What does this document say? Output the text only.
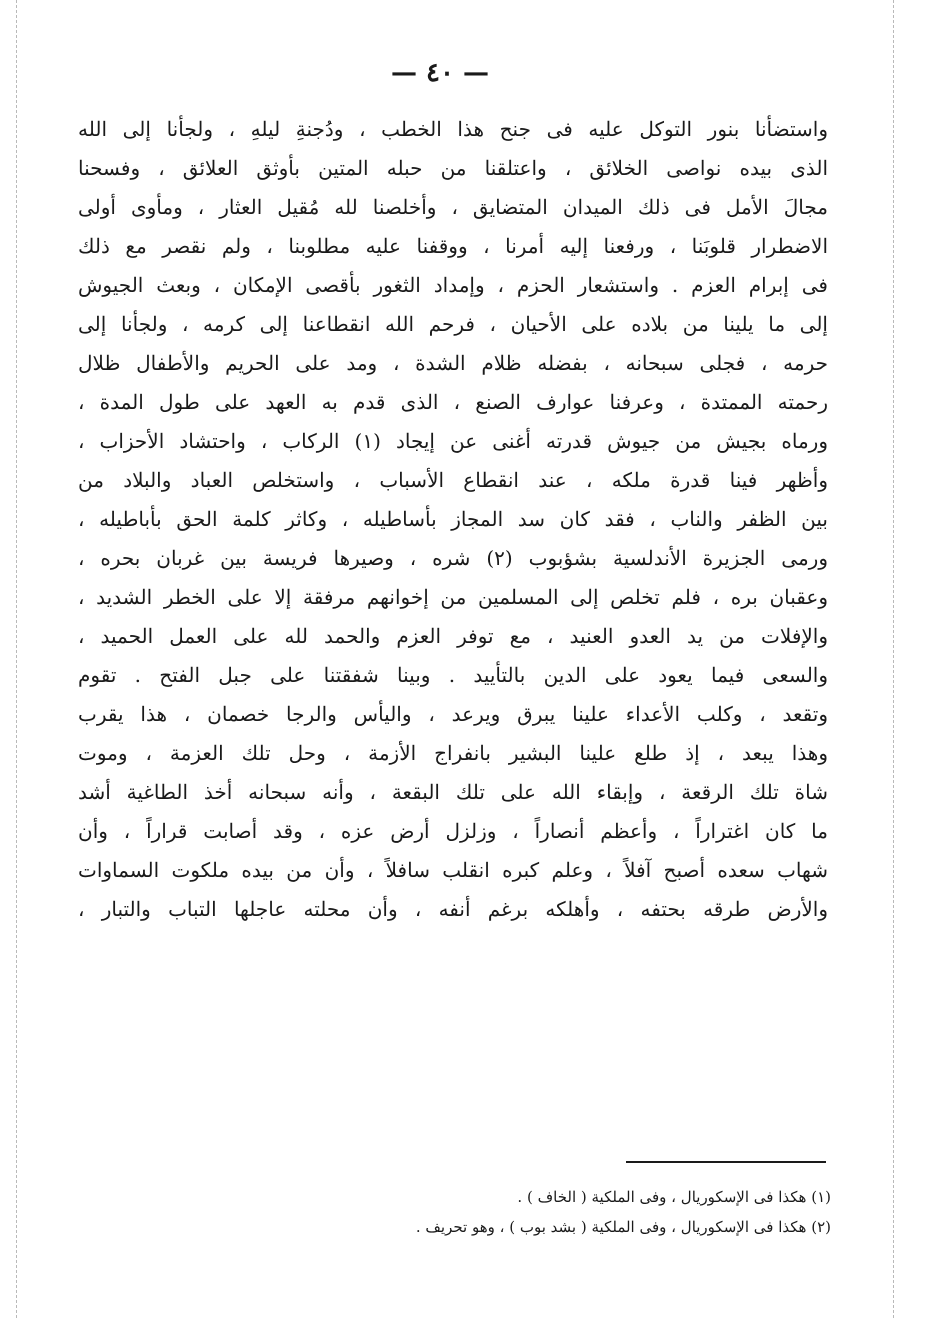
— ٤٠ —
واستضأنا بنور التوكل عليه فى جنح هذا الخطب ، ودُجنةِ ليلهِ ، ولجأنا إلى الله
الذى بيده نواصى الخلائق ، واعتلقنا من حبله المتين بأوثق العلائق ، وفسحنا
مجالَ الأمل فى ذلك الميدان المتضايق ، وأخلصنا لله مُقيل العثار ، ومأوى أولى
الاضطرار قلوبَنا ، ورفعنا إليه أمرنا ، ووقفنا عليه مطلوبنا ، ولم نقصر مع ذلك
فى إبرام العزم . واستشعار الحزم ، وإمداد الثغور بأقصى الإمكان ، وبعث الجيوش
إلى ما يلينا من بلاده على الأحيان ، فرحم الله انقطاعنا إلى كرمه ، ولجأنا إلى
حرمه ، فجلى سبحانه ، بفضله ظلام الشدة ، ومد على الحريم والأطفال ظلال
رحمته الممتدة ، وعرفنا عوارف الصنع ، الذى قدم به العهد على طول المدة ،
ورماه بجيش من جيوش قدرته أغنى عن إيجاد (١) الركاب ، واحتشاد الأحزاب ،
وأظهر فينا قدرة ملكه ، عند انقطاع الأسباب ، واستخلص العباد والبلاد من
بين الظفر والناب ، فقد كان سد المجاز بأساطيله ، وكاثر كلمة الحق بأباطيله ،
ورمى الجزيرة الأندلسية بشؤبوب (٢) شره ، وصيرها فريسة بين غربان بحره ،
وعقبان بره ، فلم تخلص إلى المسلمين من إخوانهم مرفقة إلا على الخطر الشديد ،
والإفلات من يد العدو العنيد ، مع توفر العزم والحمد لله على العمل الحميد ،
والسعى فيما يعود على الدين بالتأييد . وبينا شفقتنا على جبل الفتح . تقوم
وتقعد ، وكلب الأعداء علينا يبرق ويرعد ، واليأس والرجا خصمان ، هذا يقرب
وهذا يبعد ، إذ طلع علينا البشير بانفراج الأزمة ، وحل تلك العزمة ، وموت
شاة تلك الرقعة ، وإبقاء الله على تلك البقعة ، وأنه سبحانه أخذ الطاغية أشد
ما كان اغتراراً ، وأعظم أنصاراً ، وزلزل أرض عزه ، وقد أصابت قراراً ، وأن
شهاب سعده أصبح آفلاً ، وعلم كبره انقلب سافلاً ، وأن من بيده ملكوت السماوات
والأرض طرقه بحتفه ، وأهلكه برغم أنفه ، وأن محلته عاجلها التباب والتبار ،
(١) هكذا فى الإسكوريال ، وفى الملكية ( الخاف ) .
(٢) هكذا فى الإسكوريال ، وفى الملكية ( بشد بوب ) ، وهو تحريف .
